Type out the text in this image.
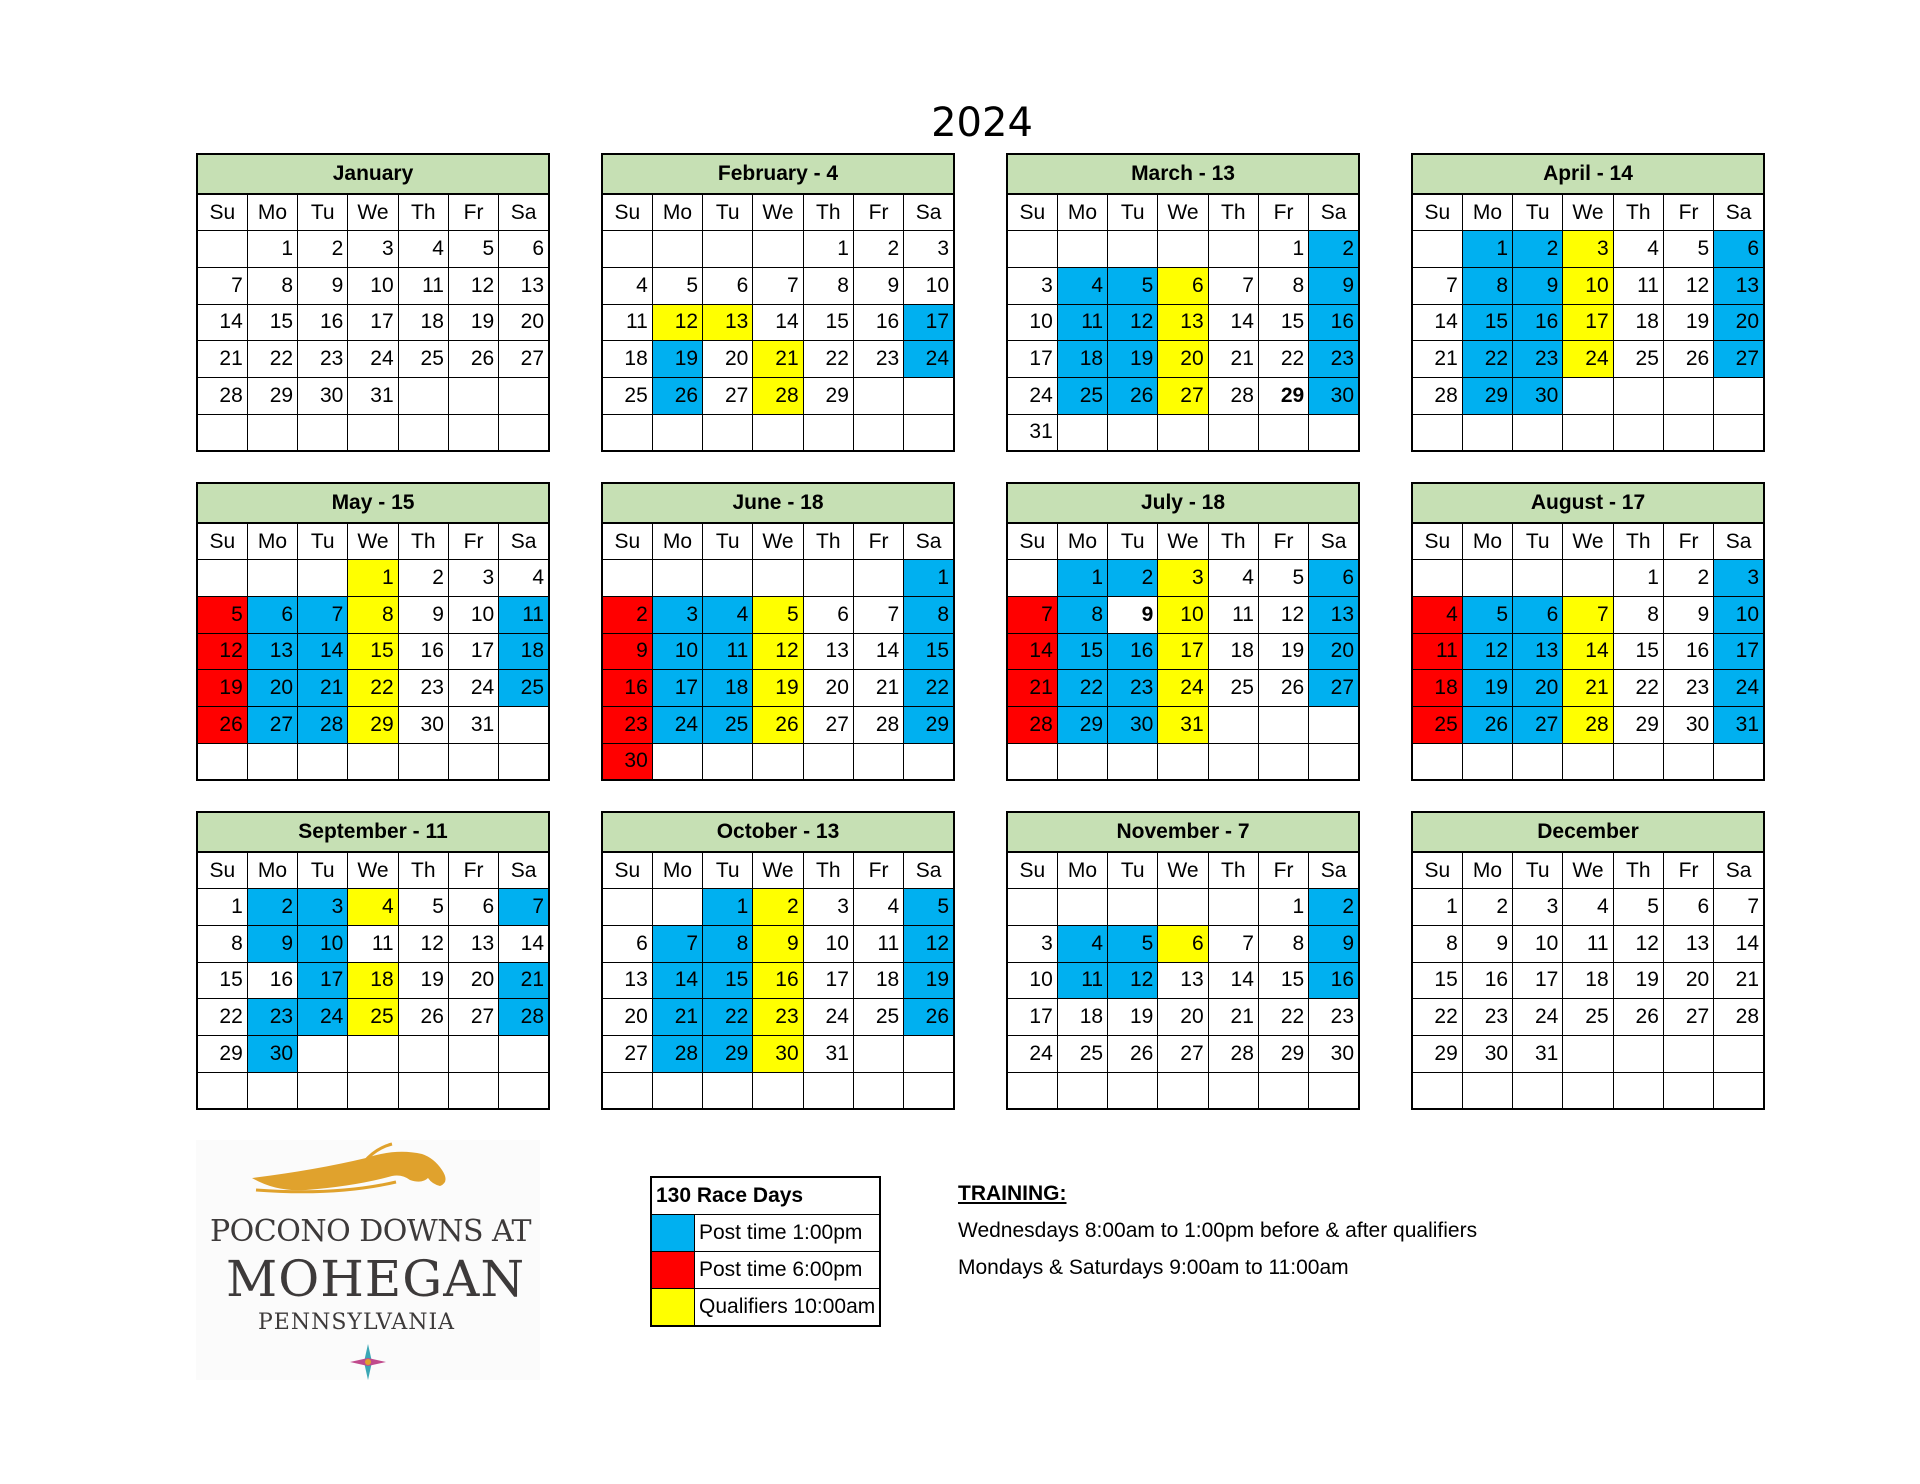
2024
January						
Su	Mo	Tu	We	Th	Fr	Sa
	1	2	3	4	5	6
7	8	9	10	11	12	13
14	15	16	17	18	19	20
21	22	23	24	25	26	27
28	29	30	31			

February - 4						
Su	Mo	Tu	We	Th	Fr	Sa
				1	2	3
4	5	6	7	8	9	10
11	12	13	14	15	16	17
18	19	20	21	22	23	24
25	26	27	28	29		

March - 13						
Su	Mo	Tu	We	Th	Fr	Sa
					1	2
3	4	5	6	7	8	9
10	11	12	13	14	15	16
17	18	19	20	21	22	23
24	25	26	27	28	29	30
31						
April - 14						
Su	Mo	Tu	We	Th	Fr	Sa
	1	2	3	4	5	6
7	8	9	10	11	12	13
14	15	16	17	18	19	20
21	22	23	24	25	26	27
28	29	30				

May - 15						
Su	Mo	Tu	We	Th	Fr	Sa
			1	2	3	4
5	6	7	8	9	10	11
12	13	14	15	16	17	18
19	20	21	22	23	24	25
26	27	28	29	30	31	

June - 18						
Su	Mo	Tu	We	Th	Fr	Sa
						1
2	3	4	5	6	7	8
9	10	11	12	13	14	15
16	17	18	19	20	21	22
23	24	25	26	27	28	29
30						
July - 18						
Su	Mo	Tu	We	Th	Fr	Sa
	1	2	3	4	5	6
7	8	9	10	11	12	13
14	15	16	17	18	19	20
21	22	23	24	25	26	27
28	29	30	31			

August - 17						
Su	Mo	Tu	We	Th	Fr	Sa
				1	2	3
4	5	6	7	8	9	10
11	12	13	14	15	16	17
18	19	20	21	22	23	24
25	26	27	28	29	30	31

September - 11						
Su	Mo	Tu	We	Th	Fr	Sa
1	2	3	4	5	6	7
8	9	10	11	12	13	14
15	16	17	18	19	20	21
22	23	24	25	26	27	28
29	30					

October - 13						
Su	Mo	Tu	We	Th	Fr	Sa
		1	2	3	4	5
6	7	8	9	10	11	12
13	14	15	16	17	18	19
20	21	22	23	24	25	26
27	28	29	30	31		

November - 7						
Su	Mo	Tu	We	Th	Fr	Sa
					1	2
3	4	5	6	7	8	9
10	11	12	13	14	15	16
17	18	19	20	21	22	23
24	25	26	27	28	29	30

December						
Su	Mo	Tu	We	Th	Fr	Sa
1	2	3	4	5	6	7
8	9	10	11	12	13	14
15	16	17	18	19	20	21
22	23	24	25	26	27	28
29	30	31				

POCONO DOWNS AT
MOHEGAN
PENNSYLVANIA
130 Race Days	
	Post time 1:00pm
	Post time 6:00pm
	Qualifiers 10:00am
TRAINING:
Wednesdays 8:00am to 1:00pm before & after qualifiers
Mondays & Saturdays 9:00am to 11:00am
